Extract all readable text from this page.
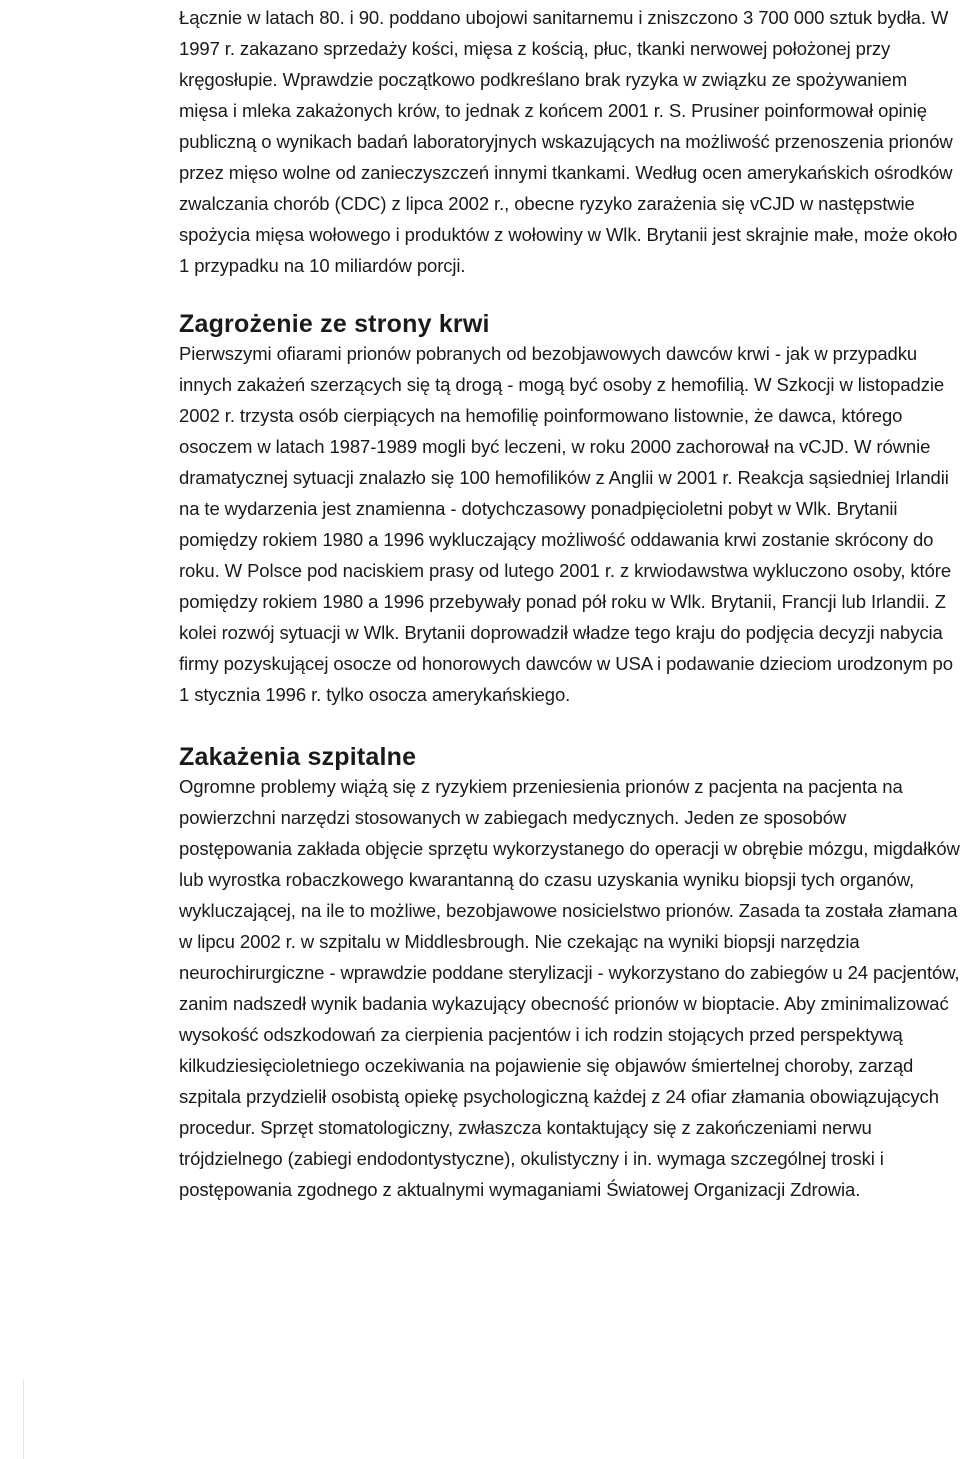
Łącznie w latach 80. i 90. poddano ubojowi sanitarnemu i zniszczono 3 700 000 sztuk bydła. W 1997 r. zakazano sprzedaży kości, mięsa z kością, płuc, tkanki nerwowej położonej przy kręgosłupie. Wprawdzie początkowo podkreślano brak ryzyka w związku ze spożywaniem mięsa i mleka zakażonych krów, to jednak z końcem 2001 r. S. Prusiner poinformował opinię publiczną o wynikach badań laboratoryjnych wskazujących na możliwość przenoszenia prionów przez mięso wolne od zanieczyszczeń innymi tkankami. Według ocen amerykańskich ośrodków zwalczania chorób (CDC) z lipca 2002 r., obecne ryzyko zarażenia się vCJD w następstwie spożycia mięsa wołowego i produktów z wołowiny w Wlk. Brytanii jest skrajnie małe, może około 1 przypadku na 10 miliardów porcji.

Zagrożenie ze strony krwi

Pierwszymi ofiarami prionów pobranych od bezobjawowych dawców krwi - jak w przypadku innych zakażeń szerzących się tą drogą - mogą być osoby z hemofilią. W Szkocji w listopadzie 2002 r. trzysta osób cierpiących na hemofilię poinformowano listownie, że dawca, którego osoczem w latach 1987-1989 mogli być leczeni, w roku 2000 zachorował na vCJD. W równie dramatycznej sytuacji znalazło się 100 hemofilików z Anglii w 2001 r. Reakcja sąsiedniej Irlandii na te wydarzenia jest znamienna - dotychczasowy ponadpięcioletni pobyt w Wlk. Brytanii pomiędzy rokiem 1980 a 1996 wykluczający możliwość oddawania krwi zostanie skrócony do roku. W Polsce pod naciskiem prasy od lutego 2001 r. z krwiodawstwa wykluczono osoby, które pomiędzy rokiem 1980 a 1996 przebywały ponad pół roku w Wlk. Brytanii, Francji lub Irlandii. Z kolei rozwój sytuacji w Wlk. Brytanii doprowadził władze tego kraju do podjęcia decyzji nabycia firmy pozyskującej osocze od honorowych dawców w USA i podawanie dzieciom urodzonym po 1 stycznia 1996 r. tylko osocza amerykańskiego.

Zakażenia szpitalne

Ogromne problemy wiążą się z ryzykiem przeniesienia prionów z pacjenta na pacjenta na powierzchni narzędzi stosowanych w zabiegach medycznych. Jeden ze sposobów postępowania zakłada objęcie sprzętu wykorzystanego do operacji w obrębie mózgu, migdałków lub wyrostka robaczkowego kwarantanną do czasu uzyskania wyniku biopsji tych organów, wykluczającej, na ile to możliwe, bezobjawowe nosicielstwo prionów. Zasada ta została złamana w lipcu 2002 r. w szpitalu w Middlesbrough. Nie czekając na wyniki biopsji narzędzia neurochirurgiczne - wprawdzie poddane sterylizacji - wykorzystano do zabiegów u 24 pacjentów, zanim nadszedł wynik badania wykazujący obecność prionów w bioptacie. Aby zminimalizować wysokość odszkodowań za cierpienia pacjentów i ich rodzin stojących przed perspektywą kilkudziesięcioletniego oczekiwania na pojawienie się objawów śmiertelnej choroby, zarząd szpitala przydzielił osobistą opiekę psychologiczną każdej z 24 ofiar złamania obowiązujących procedur. Sprzęt stomatologiczny, zwłaszcza kontaktujący się z zakończeniami nerwu trójdzielnego (zabiegi endodontystyczne), okulistyczny i in. wymaga szczególnej troski i postępowania zgodnego z aktualnymi wymaganiami Światowej Organizacji Zdrowia.
